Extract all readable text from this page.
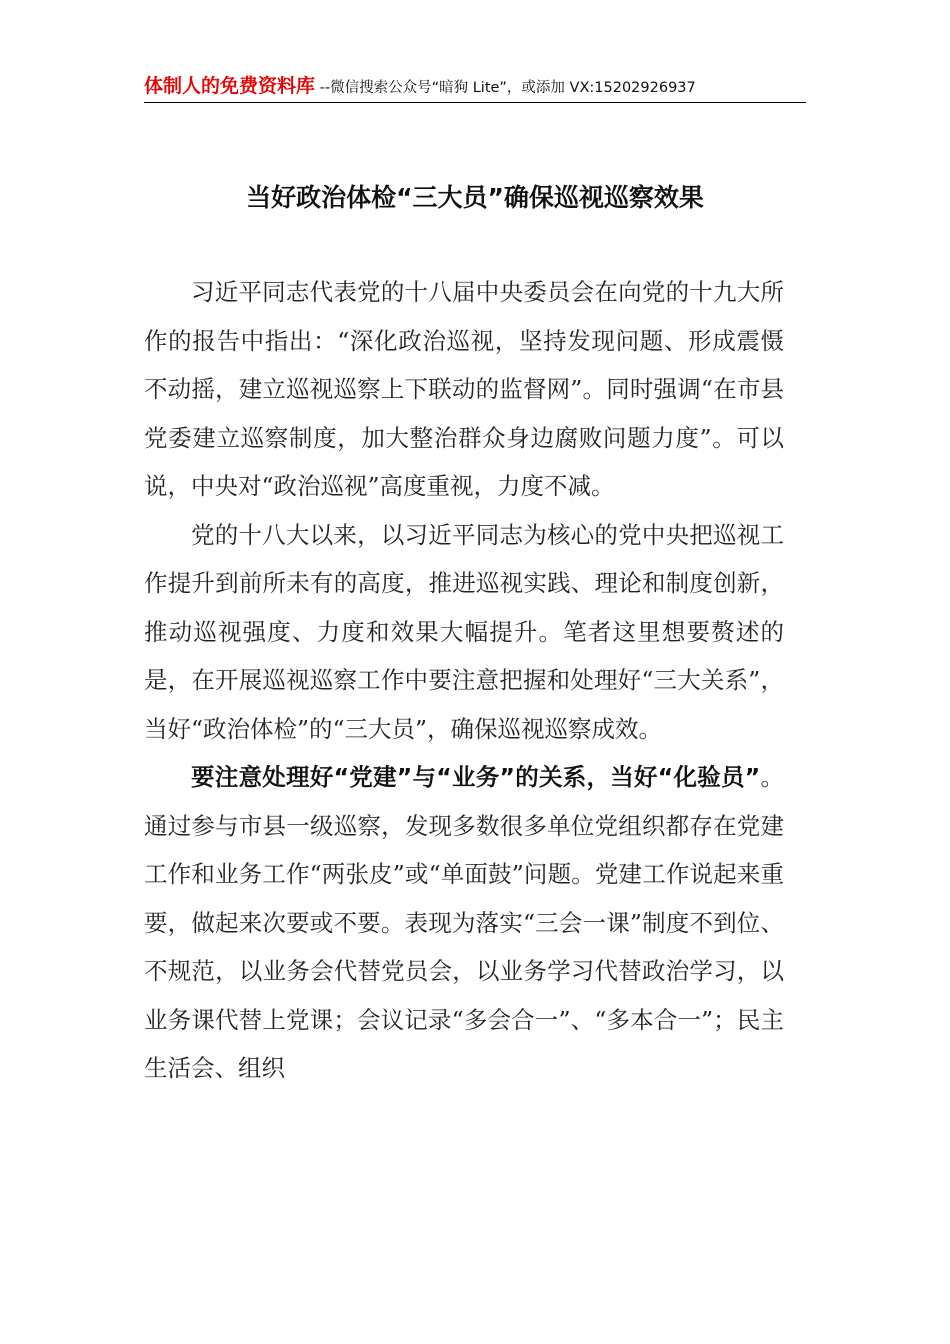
体制人的免费资料库 --微信搜索公众号“暗狗 Lite”，或添加 VX:15202926937
当好政治体检“三大员”确保巡视巡察效果

习近平同志代表党的十八届中央委员会在向党的十九大所作的报告中指出：“深化政治巡视，坚持发现问题、形成震慑不动摇，建立巡视巡察上下联动的监督网”。同时强调“在市县党委建立巡察制度，加大整治群众身边腐败问题力度”。可以说，中央对“政治巡视”高度重视，力度不减。

党的十八大以来，以习近平同志为核心的党中央把巡视工作提升到前所未有的高度，推进巡视实践、理论和制度创新，推动巡视强度、力度和效果大幅提升。笔者这里想要赘述的是，在开展巡视巡察工作中要注意把握和处理好“三大关系”，当好“政治体检”的“三大员”，确保巡视巡察成效。

要注意处理好“党建”与“业务”的关系，当好“化验员”。通过参与市县一级巡察，发现多数很多单位党组织都存在党建工作和业务工作“两张皮”或“单面鼓”问题。党建工作说起来重要，做起来次要或不要。表现为落实“三会一课”制度不到位、不规范，以业务会代替党员会，以业务学习代替政治学习，以业务课代替上党课；会议记录“多会合一”、“多本合一”；民主生活会、组织
